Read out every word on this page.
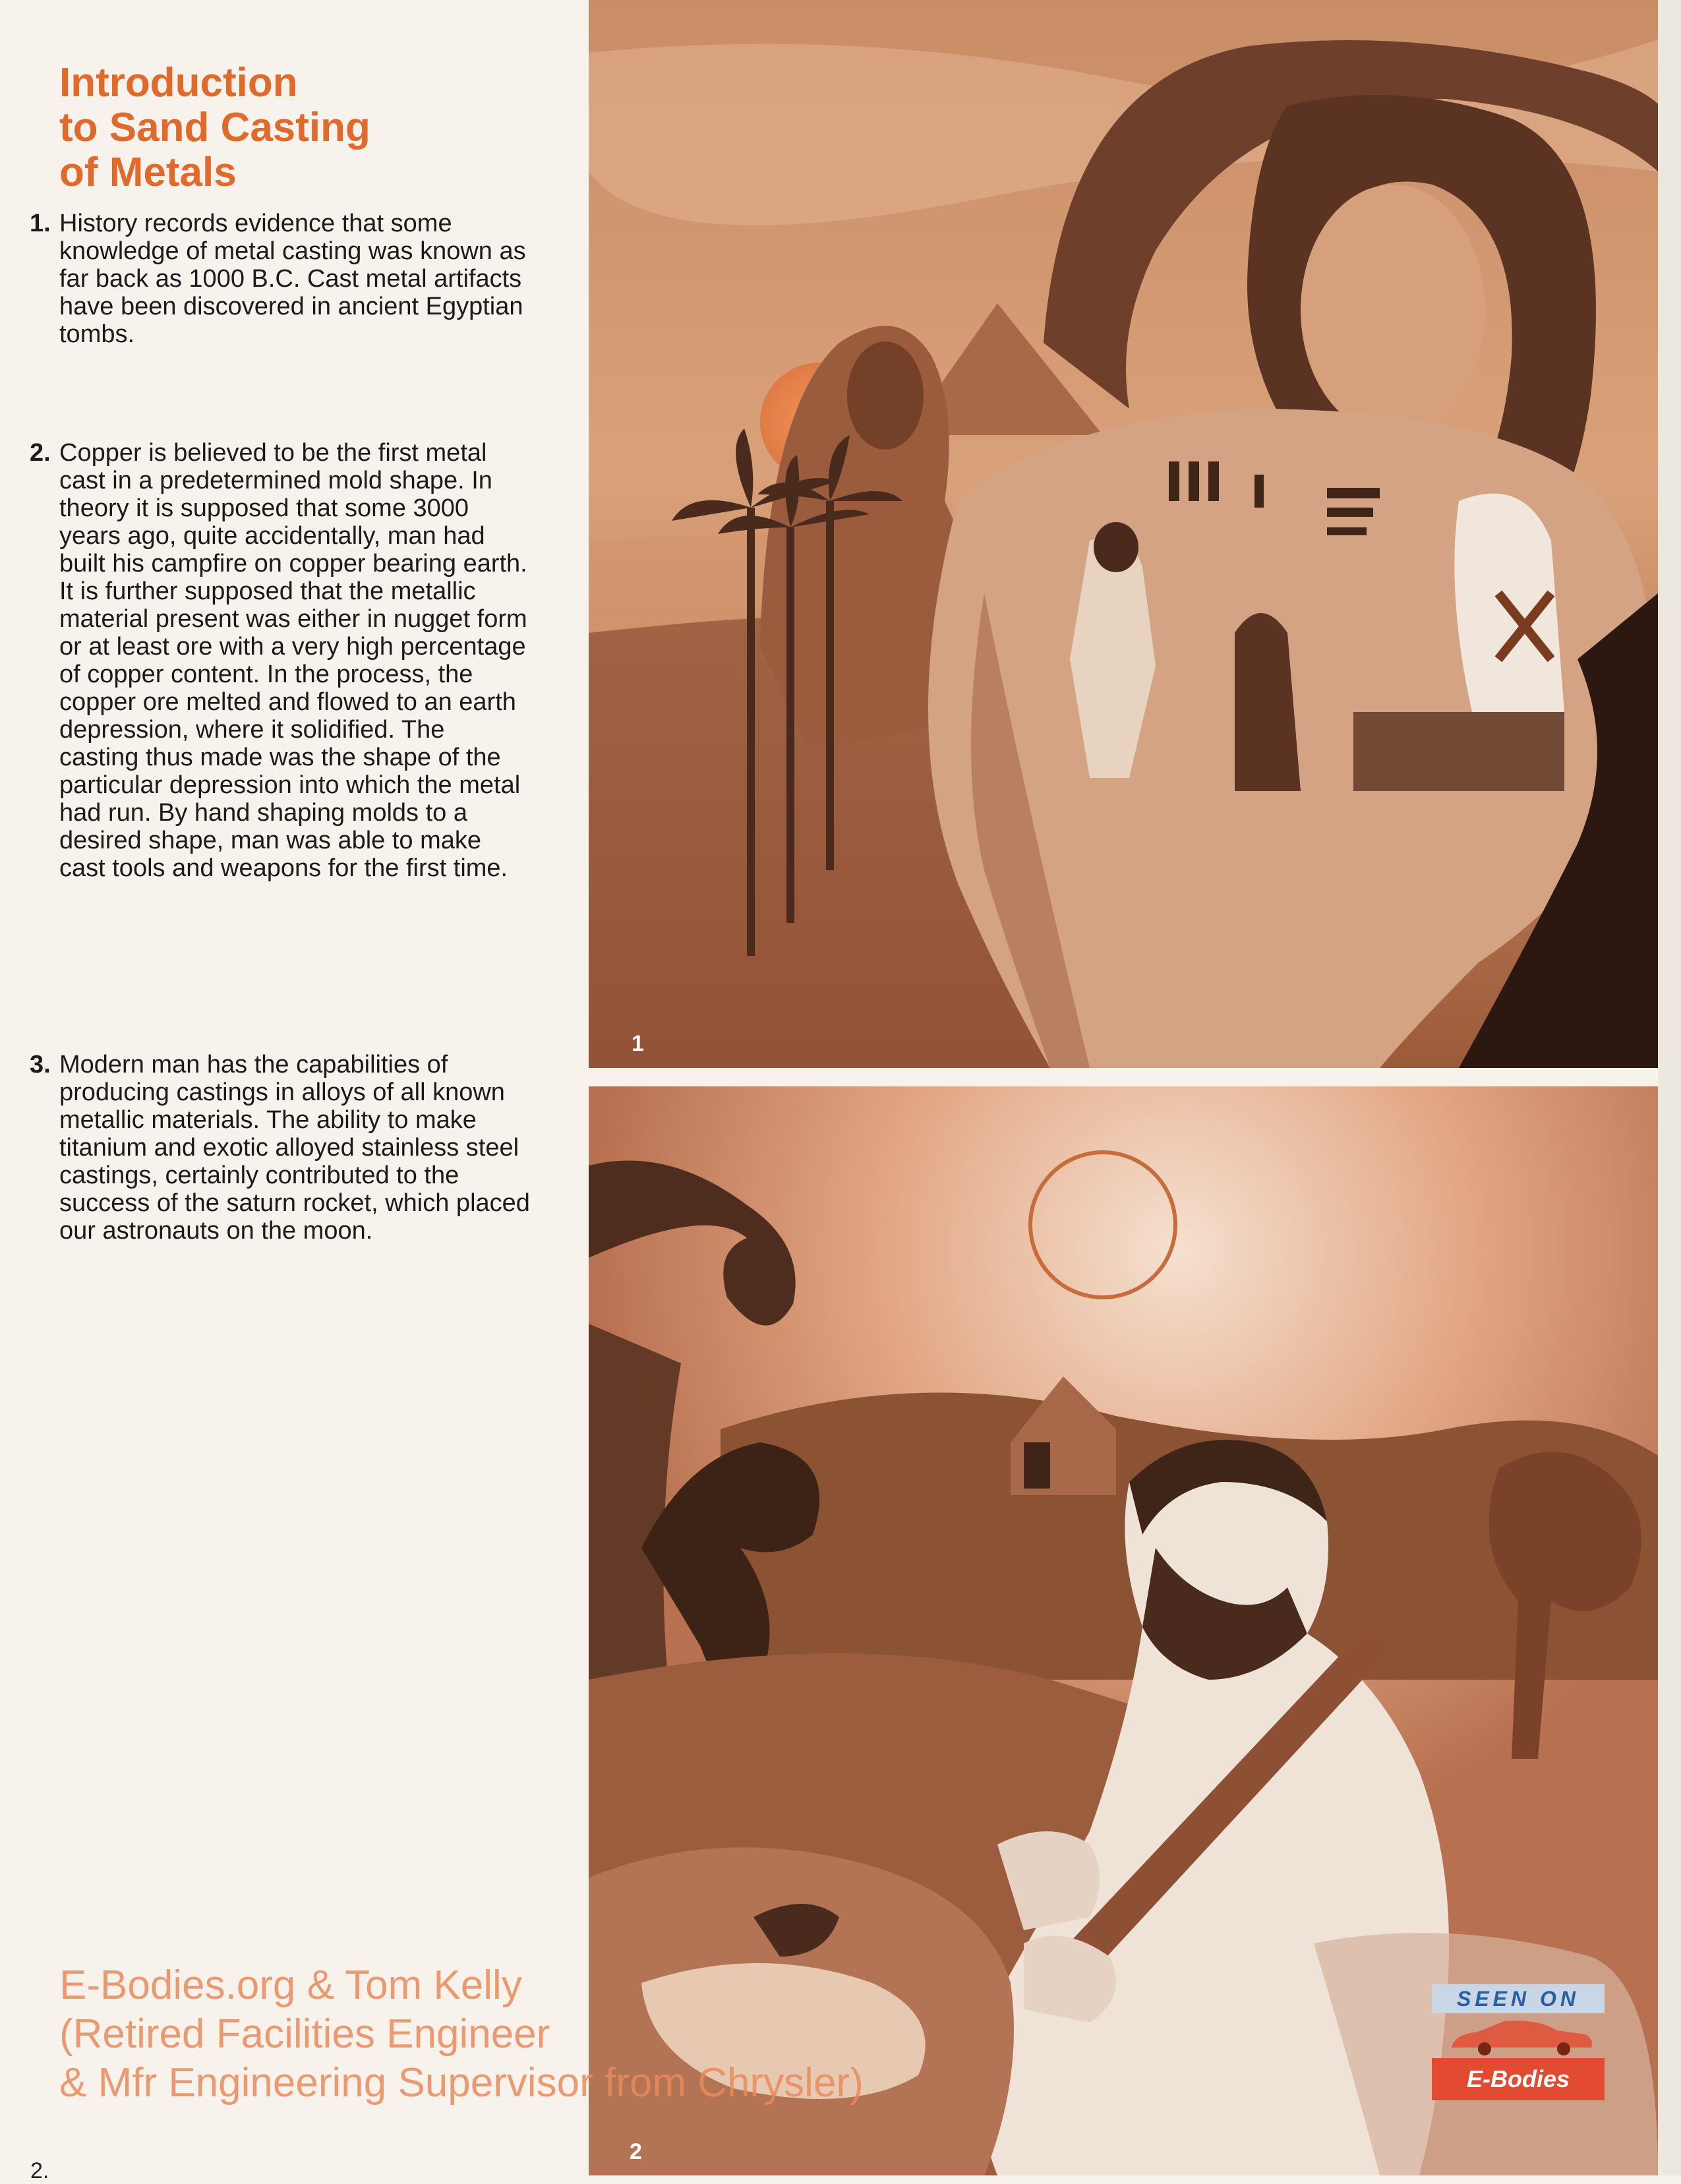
Introduction
to Sand Casting
of Metals
1. History records evidence that some knowledge of metal casting was known as far back as 1000 B.C. Cast metal artifacts have been discovered in ancient Egyptian tombs.
2. Copper is believed to be the first metal cast in a predetermined mold shape. In theory it is supposed that some 3000 years ago, quite accidentally, man had built his campfire on copper bearing earth. It is further supposed that the metallic material present was either in nugget form or at least ore with a very high percentage of copper content. In the process, the copper ore melted and flowed to an earth depression, where it solidified. The casting thus made was the shape of the particular depression into which the metal had run. By hand shaping molds to a desired shape, man was able to make cast tools and weapons for the first time.
3. Modern man has the capabilities of producing castings in alloys of all known metallic materials. The ability to make titanium and exotic alloyed stainless steel castings, certainly contributed to the success of the saturn rocket, which placed our astronauts on the moon.
1
2
E-Bodies.org & Tom Kelly
(Retired Facilities Engineer
& Mfr Engineering Supervisor from Chrysler)
SEEN ON
E-Bodies
2.
